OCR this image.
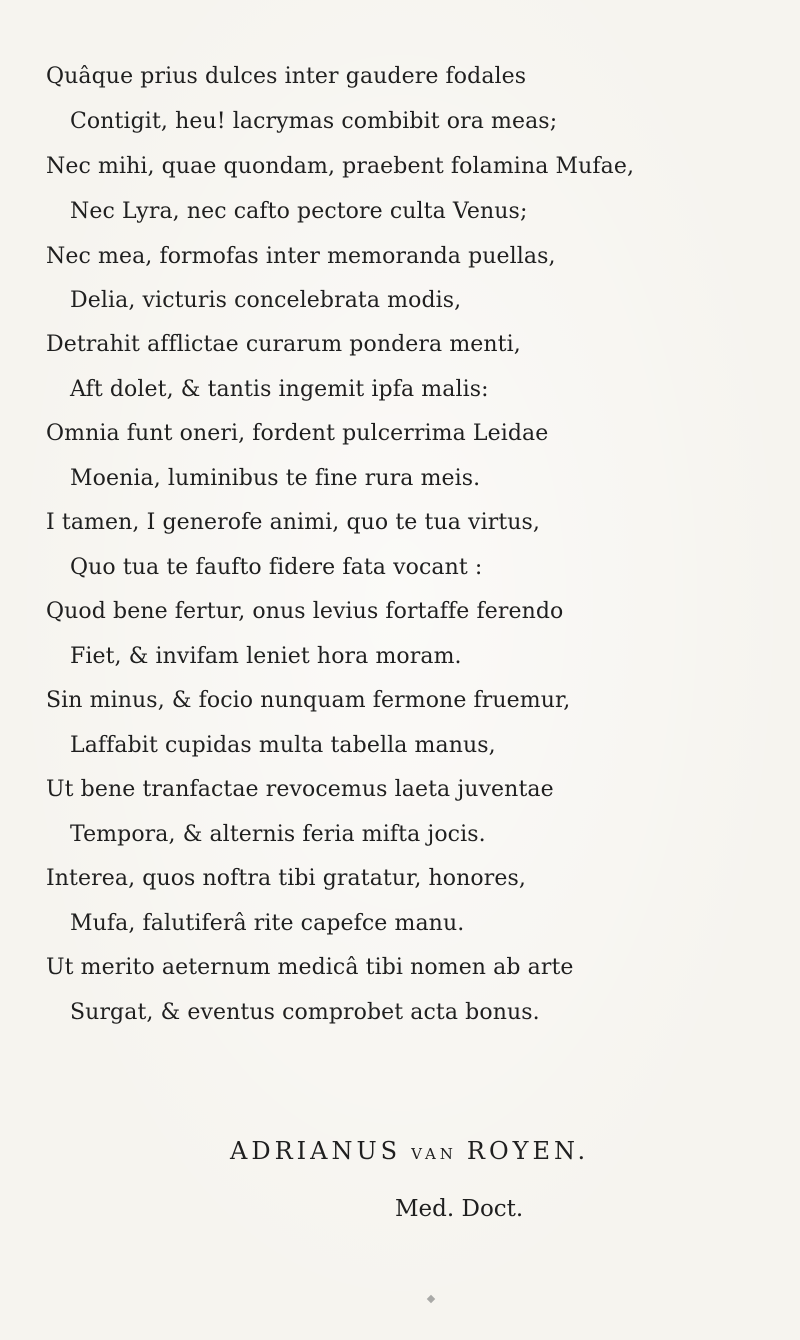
Quâque prius dulces inter gaudere fodales
Contigit, heu! lacrymas combibit ora meas;
Nec mihi, quae quondam, praebent folamina Mufae,
Nec Lyra, nec cafto pectore culta Venus;
Nec mea, formofas inter memoranda puellas,
Delia, victuris concelebrata modis,
Detrahit afflictae curarum pondera menti,
Aft dolet, & tantis ingemit ipfa malis:
Omnia funt oneri, fordent pulcerrima Leidae
Moenia, luminibus te fine rura meis.
I tamen, I generofe animi, quo te tua virtus,
Quo tua te faufto fidere fata vocant :
Quod bene fertur, onus levius fortaffe ferendo
Fiet, & invifam leniet hora moram.
Sin minus, & focio nunquam fermone fruemur,
Laffabit cupidas multa tabella manus,
Ut bene tranfactae revocemus laeta juventae
Tempora, & alternis feria mifta jocis.
Interea, quos noftra tibi gratatur, honores,
Mufa, falutiferâ rite capefce manu.
Ut merito aeternum medicâ tibi nomen ab arte
Surgat, & eventus comprobet acta bonus.
ADRIANUS VAN ROYEN.
Med. Doct.
